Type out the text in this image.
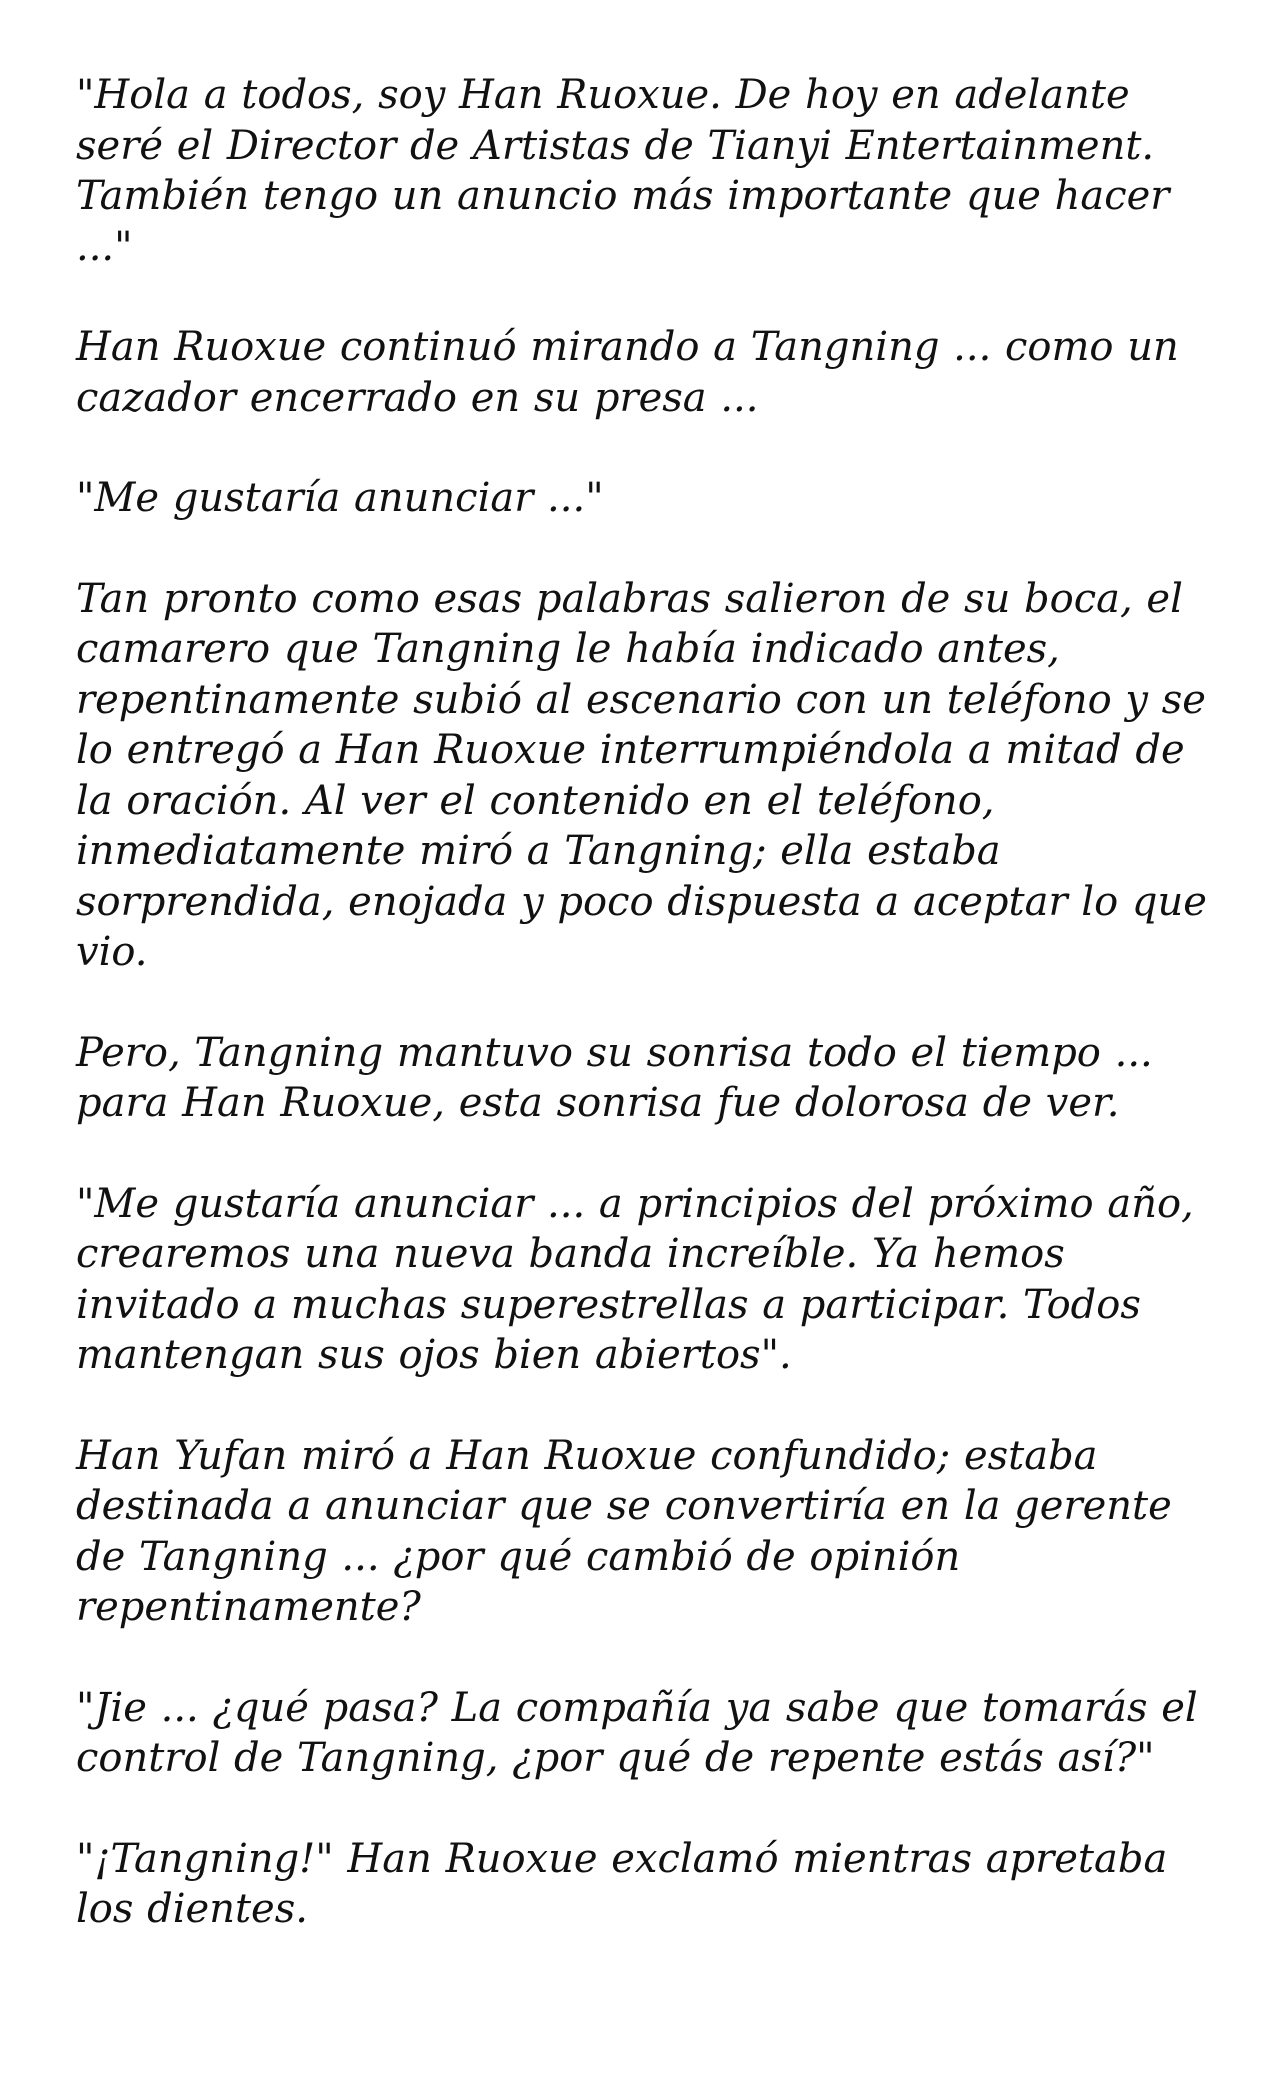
"Hola a todos, soy Han Ruoxue. De hoy en adelante seré el Director de Artistas de Tianyi Entertainment. También tengo un anuncio más importante que hacer ..."

Han Ruoxue continuó mirando a Tangning ... como un cazador encerrado en su presa ...

"Me gustaría anunciar ..."

Tan pronto como esas palabras salieron de su boca, el camarero que Tangning le había indicado antes, repentinamente subió al escenario con un teléfono y se lo entregó a Han Ruoxue interrumpiéndola a mitad de la oración. Al ver el contenido en el teléfono, inmediatamente miró a Tangning; ella estaba sorprendida, enojada y poco dispuesta a aceptar lo que vio.

Pero, Tangning mantuvo su sonrisa todo el tiempo ... para Han Ruoxue, esta sonrisa fue dolorosa de ver.

"Me gustaría anunciar ... a principios del próximo año, crearemos una nueva banda increíble. Ya hemos invitado a muchas superestrellas a participar. Todos mantengan sus ojos bien abiertos".

Han Yufan miró a Han Ruoxue confundido; estaba destinada a anunciar que se convertiría en la gerente de Tangning ... ¿por qué cambió de opinión repentinamente?

"Jie ... ¿qué pasa? La compañía ya sabe que tomarás el control de Tangning, ¿por qué de repente estás así?"

"¡Tangning!" Han Ruoxue exclamó mientras apretaba los dientes.
